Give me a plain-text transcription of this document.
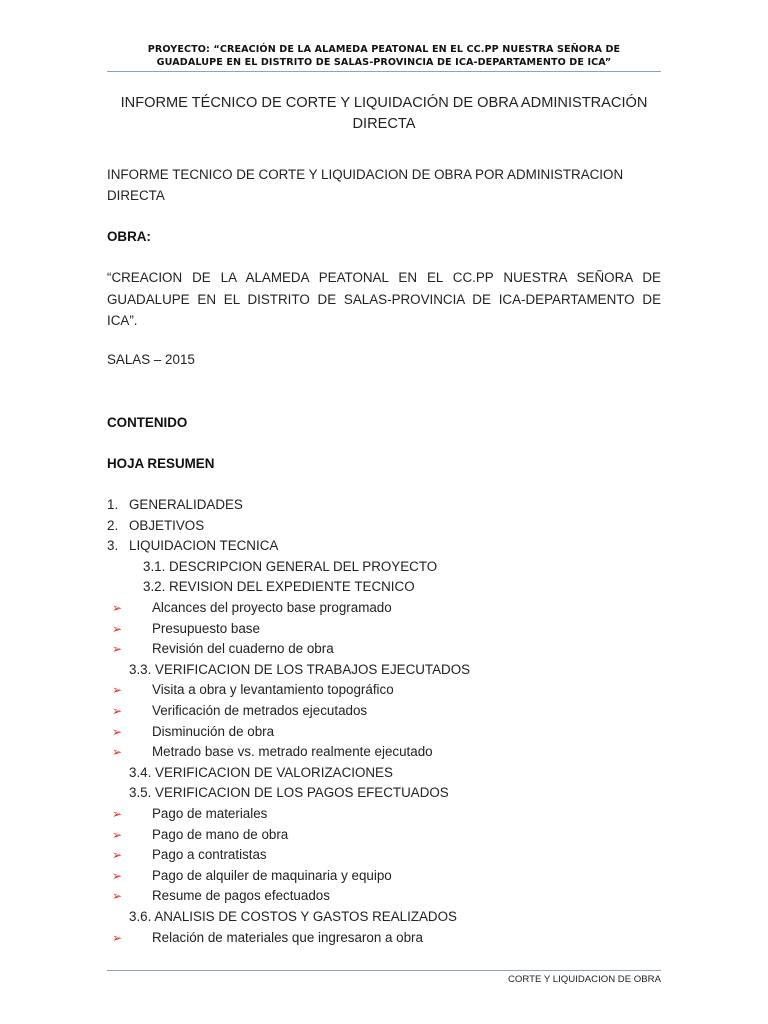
PROYECTO: “CREACIÓN DE LA ALAMEDA PEATONAL EN EL CC.PP NUESTRA SEÑORA DE
GUADALUPE EN EL DISTRITO DE SALAS-PROVINCIA DE ICA-DEPARTAMENTO DE ICA”
INFORME TÉCNICO DE CORTE Y LIQUIDACIÓN DE OBRA ADMINISTRACIÓN
DIRECTA
INFORME TECNICO DE CORTE Y LIQUIDACION DE OBRA POR ADMINISTRACION
DIRECTA
OBRA:
“CREACION DE LA ALAMEDA PEATONAL EN EL CC.PP NUESTRA SEÑORA DE GUADALUPE EN EL DISTRITO DE SALAS-PROVINCIA DE ICA-DEPARTAMENTO DE ICA”.
SALAS – 2015
CONTENIDO
HOJA RESUMEN
1. GENERALIDADES
2. OBJETIVOS
3. LIQUIDACION TECNICA
3.1. DESCRIPCION GENERAL DEL PROYECTO
3.2. REVISION DEL EXPEDIENTE TECNICO
➢ Alcances del proyecto base programado
➢ Presupuesto base
➢ Revisión del cuaderno de obra
3.3. VERIFICACION DE LOS TRABAJOS EJECUTADOS
➢ Visita a obra y levantamiento topográfico
➢ Verificación de metrados ejecutados
➢ Disminución de obra
➢ Metrado base vs. metrado realmente ejecutado
3.4. VERIFICACION DE VALORIZACIONES
3.5. VERIFICACION DE LOS PAGOS EFECTUADOS
➢ Pago de materiales
➢ Pago de mano de obra
➢ Pago a contratistas
➢ Pago de alquiler de maquinaria y equipo
➢ Resume de pagos efectuados
3.6. ANALISIS DE COSTOS Y GASTOS REALIZADOS
➢ Relación de materiales que ingresaron a obra
CORTE Y LIQUIDACION DE OBRA
